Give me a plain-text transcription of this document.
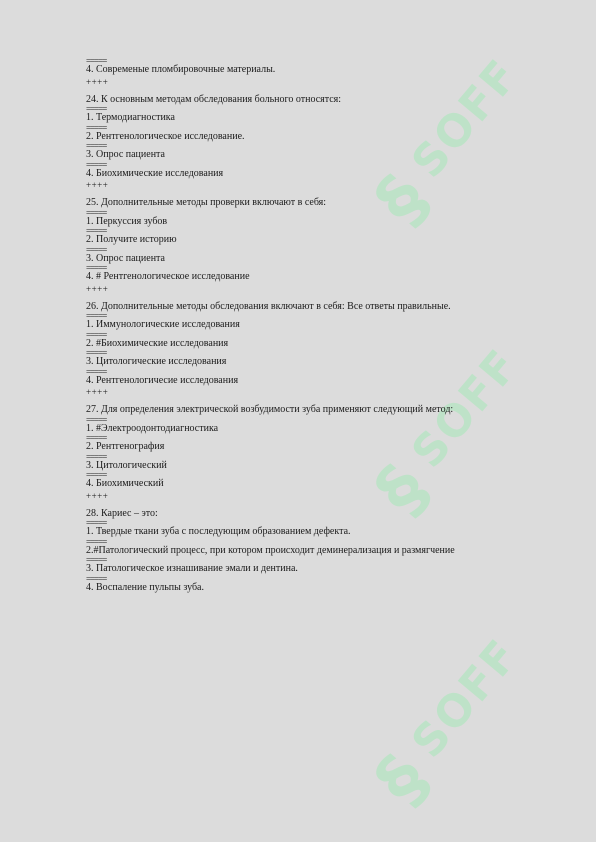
§
SOFF
§
SOFF
§
SOFF
=====
4. Современые пломбировочные материалы.
++++
24. К основным методам обследования больного относятся:
=====
1. Термодиагностика
=====
2. Рентгенологическое исследование.
=====
3. Опрос пациента
=====
4. Биохимические исследования
++++
25. Дополнительные методы проверки включают в себя:
=====
1. Перкуссия зубов
=====
2. Получите историю
=====
3. Опрос пациента
=====
4. # Рентгенологическое исследование
++++
26. Дополнительные методы обследования включают в себя: Все ответы правильные.
=====
1. Иммунологические исследования
=====
2. #Биохимические исследования
=====
3. Цитологические исследования
=====
4. Рентгенологичесие исследования
++++
27. Для определения электрической возбудимости зуба применяют следующий метод:
=====
1. #Электроодонтодиагностика
=====
2. Рентгенография
=====
3. Цитологический
=====
4. Биохимический
++++
28. Кариес – это:
=====
1. Твердые ткани зуба с последующим образованием дефекта.
=====
2.#Патологический процесс, при котором происходит деминерализация и размягчение
=====
3. Патологическое изнашивание эмали и дентина.
=====
4. Воспаление пульпы зуба.
